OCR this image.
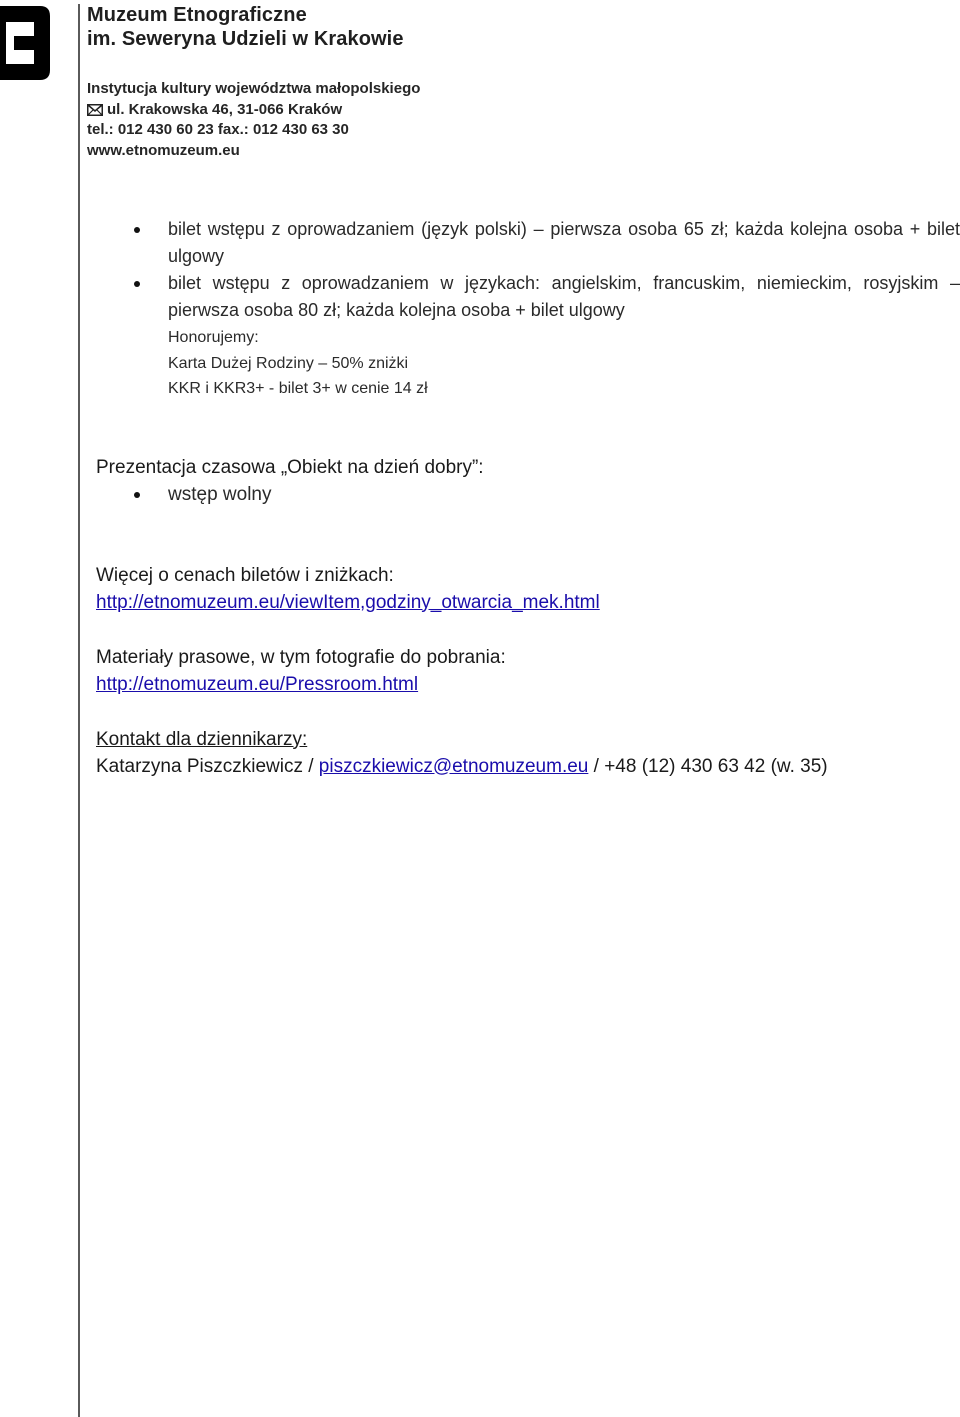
Muzeum Etnograficzne
im. Seweryna Udzieli w Krakowie
Instytucja kultury województwa małopolskiego
ul. Krakowska 46, 31-066 Kraków
tel.: 012 430 60 23 fax.: 012 430 63 30
www.etnomuzeum.eu
bilet wstępu z oprowadzaniem (język polski) – pierwsza osoba 65 zł; każda kolejna osoba + bilet ulgowy
bilet wstępu z oprowadzaniem w językach: angielskim, francuskim, niemieckim, rosyjskim – pierwsza osoba 80 zł; każda kolejna osoba + bilet ulgowy
Honorujemy:
Karta Dużej Rodziny – 50% zniżki
KKR i KKR3+ - bilet 3+ w cenie 14 zł
Prezentacja czasowa „Obiekt na dzień dobry”:
wstęp wolny
Więcej o cenach biletów i zniżkach:
http://etnomuzeum.eu/viewItem,godziny_otwarcia_mek.html
Materiały prasowe, w tym fotografie do pobrania:
http://etnomuzeum.eu/Pressroom.html
Kontakt dla dziennikarzy:
Katarzyna Piszczkiewicz / piszczkiewicz@etnomuzeum.eu / +48 (12) 430 63 42 (w. 35)
